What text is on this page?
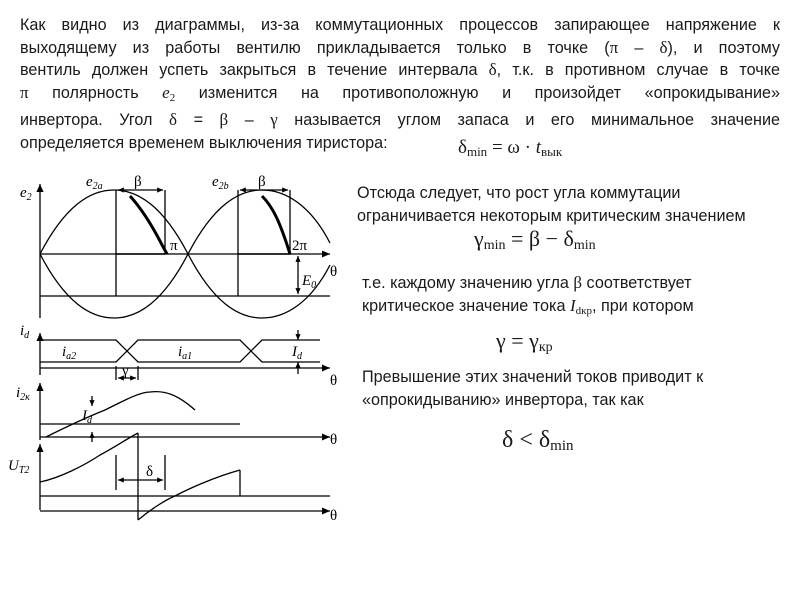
Как видно из диаграммы, из-за коммутационных процессов запирающее напряжение к
выходящему из работы вентилю прикладывается только в точке (π – δ), и поэтому
вентиль должен успеть закрыться в течение интервала δ, т.к. в противном случае в точке
π полярность $e_2$ изменится на противоположную и произойдет «опрокидывание»
инвертора. Угол δ = β – γ называется углом запаса и его минимальное значение
определяется временем выключения тиристора:	$\delta_{min} = \omega \cdot t_{вык}$
Отсюда следует, что рост угла коммутации ограничивается некоторым критическим значением
$\gamma_{min} = \beta - \delta_{min}$
т.е. каждому значению угла β соответствует критическое значение тока Idкр, при котором
$\gamma = \gamma_{кр}$
Превышение этих значений токов приводит к «опрокидыванию» инвертора, так как
$\delta < \delta_{min}$
$e_2$
$e_{2a}$	$e_{2b}$
β	β
π	2π
$E_0$
θ
$i_d$
$i_{a2}$	$i_{a1}$	$I_d$
γ
θ
$i_{2к}$
$I_d$
θ
$U_{T2}$	δ
θ
